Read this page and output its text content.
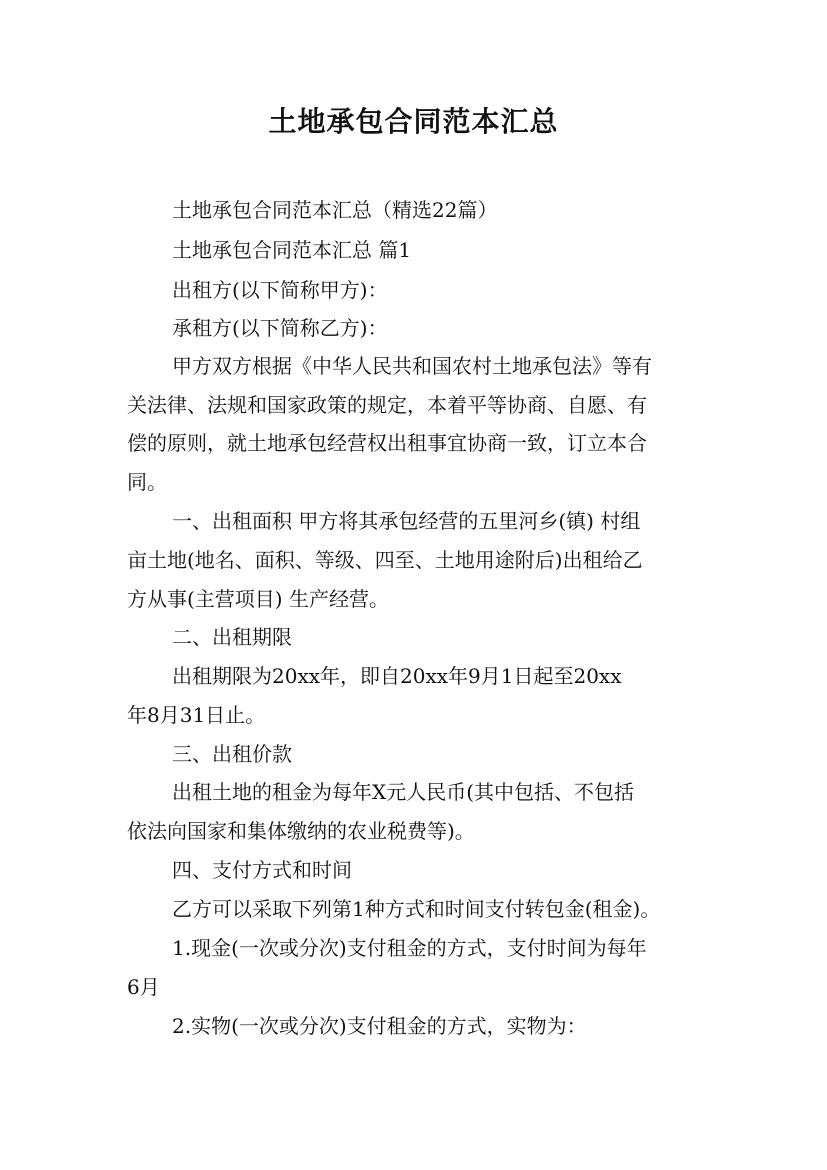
土地承包合同范本汇总
土地承包合同范本汇总（精选22篇）
土地承包合同范本汇总 篇1
出租方(以下简称甲方)：
承租方(以下简称乙方)：
甲方双方根据《中华人民共和国农村土地承包法》等有
关法律、法规和国家政策的规定，本着平等协商、自愿、有
偿的原则，就土地承包经营权出租事宜协商一致，订立本合
同。
一、出租面积 甲方将其承包经营的五里河乡(镇) 村组
亩土地(地名、面积、等级、四至、土地用途附后)出租给乙
方从事(主营项目) 生产经营。
二、出租期限
出租期限为20xx年，即自20xx年9月1日起至20xx
年8月31日止。
三、出租价款
出租土地的租金为每年X元人民币(其中包括、不包括
依法向国家和集体缴纳的农业税费等)。
四、支付方式和时间
乙方可以采取下列第1种方式和时间支付转包金(租金)。
1.现金(一次或分次)支付租金的方式，支付时间为每年
6月
2.实物(一次或分次)支付租金的方式，实物为：
